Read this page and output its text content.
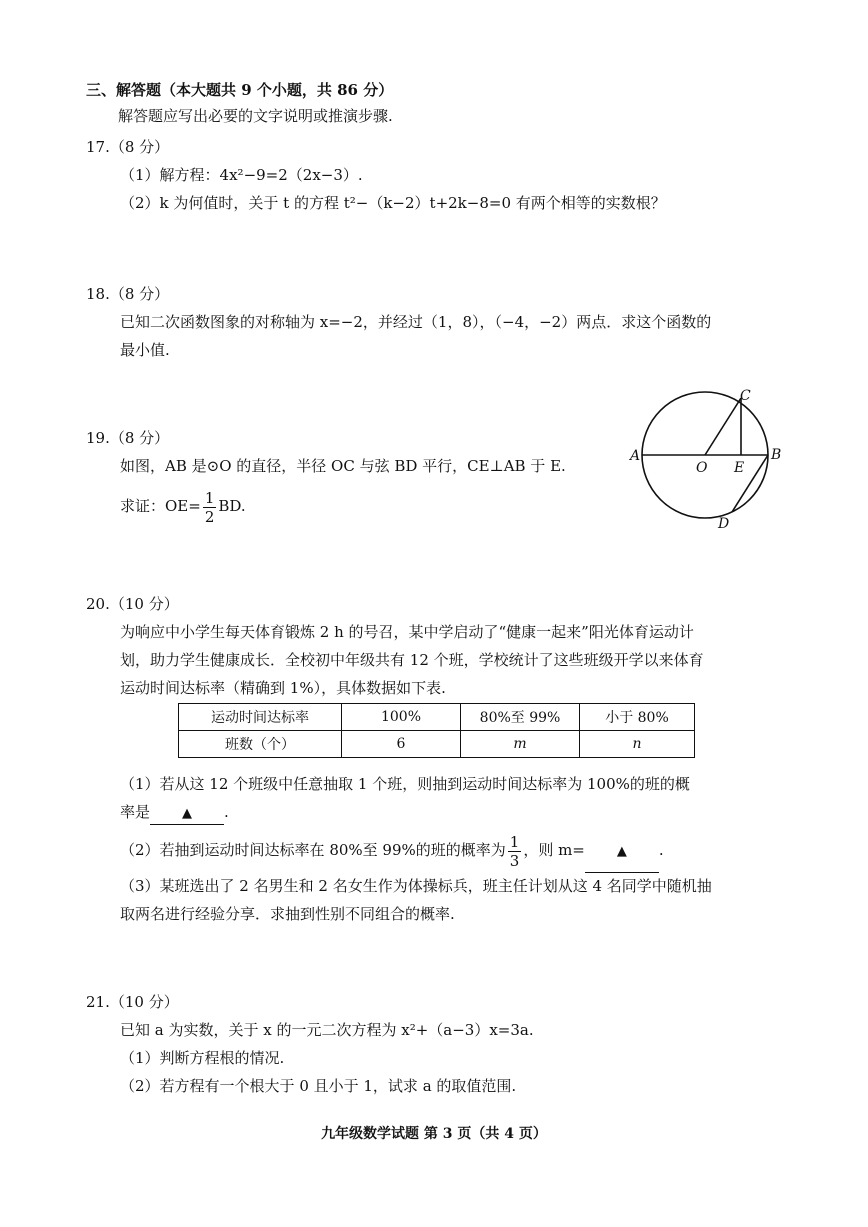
三、解答题（本大题共 9 个小题，共 86 分）
解答题应写出必要的文字说明或推演步骤.
17.（8 分）
（1）解方程：4x²−9=2（2x−3）.
（2）k 为何值时，关于 t 的方程 t²−（k−2）t+2k−8=0 有两个相等的实数根？
18.（8 分）
已知二次函数图象的对称轴为 x=−2，并经过（1，8），（−4，−2）两点．求这个函数的
最小值.
19.（8 分）
如图，AB 是⊙O 的直径，半径 OC 与弦 BD 平行，CE⊥AB 于 E.
求证：$OE= \frac{1}{2}$ BD.
A
O E
B
C
D
20.（10 分）
为响应中小学生每天体育锻炼 2 h 的号召，某中学启动了“健康一起来”阳光体育运动计
划，助力学生健康成长．全校初中年级共有 12 个班，学校统计了这些班级开学以来体育
运动时间达标率（精确到 1%），具体数据如下表.
运动时间达标率	100%	80%至 99%	小于 80%
班数（个）	6	m	n
（1）若从这 12 个班级中任意抽取 1 个班，则抽到运动时间达标率为 100%的班的概
率是 ▲ .
（2）若抽到运动时间达标率在 80%至 99%的班的概率为 $\frac{1}{3}$ ，则 m= ▲ .
（3）某班选出了 2 名男生和 2 名女生作为体操标兵，班主任计划从这 4 名同学中随机抽
取两名进行经验分享．求抽到性别不同组合的概率.
21.（10 分）
已知 a 为实数，关于 x 的一元二次方程为 x²+（a−3）x=3a.
（1）判断方程根的情况.
（2）若方程有一个根大于 0 且小于 1，试求 a 的取值范围.
九年级数学试题 第 3 页（共 4 页）
